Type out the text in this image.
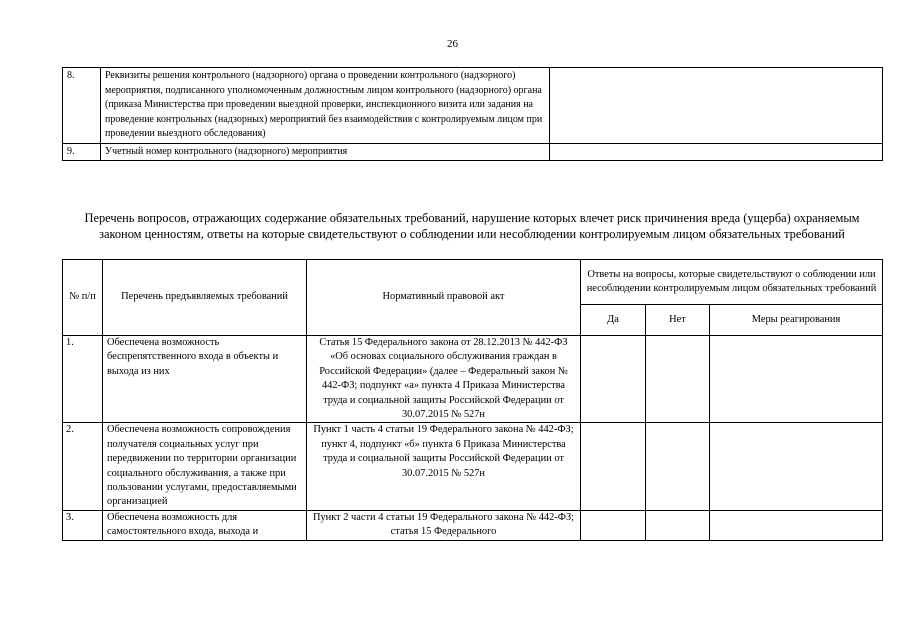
26
8.	Реквизиты решения контрольного (надзорного) органа о проведении контрольного (надзорного) мероприятия, подписанного уполномоченным должностным лицом контрольного (надзорного) органа (приказа Министерства при проведении выездной проверки, инспекционного визита или задания на проведение контрольных (надзорных) мероприятий без взаимодействия с контролируемым лицом при проведении выездного обследования)	
9.	Учетный номер контрольного (надзорного) мероприятия	
Перечень вопросов, отражающих содержание обязательных требований, нарушение которых влечет риск причинения вреда (ущерба) охраняемым законом ценностям, ответы на которые свидетельствуют о соблюдении или несоблюдении контролируемым лицом обязательных требований
№ п/п	Перечень предъявляемых требований	Нормативный правовой акт	Ответы на вопросы, которые свидетельствуют о соблюдении или несоблюдении контролируемым лицом обязательных требований		
			Да	Нет	Меры реагирования
1.	Обеспечена возможность беспрепятственного входа в объекты и выхода из них	Статья 15 Федерального закона от 28.12.2013 № 442-ФЗ «Об основах социального обслуживания граждан в Российской Федерации» (далее – Федеральный закон № 442-ФЗ; подпункт «а» пункта 4 Приказа Министерства труда и социальной защиты Российской Федерации от 30.07.2015 № 527н			
2.	Обеспечена возможность сопровождения получателя социальных услуг при передвижении по территории организации социального обслуживания, а также при пользовании услугами, предоставляемыми организацией	Пункт 1 часть 4 статьи 19 Федерального закона № 442-ФЗ; пункт 4, подпункт «б» пункта 6 Приказа Министерства труда и социальной защиты Российской Федерации от 30.07.2015 № 527н			
3.	Обеспечена возможность для самостоятельного входа, выхода и	Пункт 2 части 4 статьи 19 Федерального закона № 442-ФЗ; статья 15 Федерального			
